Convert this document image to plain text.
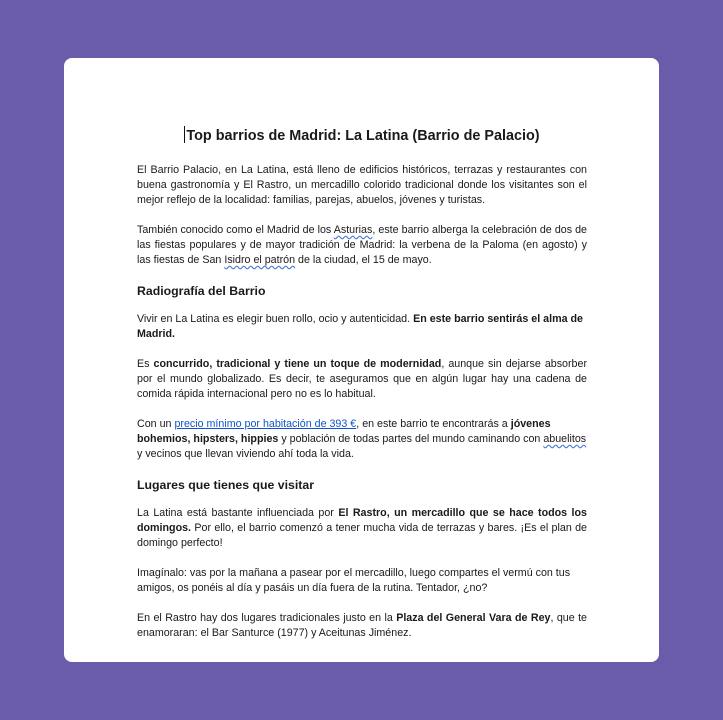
Top barrios de Madrid: La Latina (Barrio de Palacio)

El Barrio Palacio, en La Latina, está lleno de edificios históricos, terrazas y restaurantes con buena gastronomía y El Rastro, un mercadillo colorido tradicional donde los visitantes son el mejor reflejo de la localidad: familias, parejas, abuelos, jóvenes y turistas.

También conocido como el Madrid de los Asturias, este barrio alberga la celebración de dos de las fiestas populares y de mayor tradición de Madrid: la verbena de la Paloma (en agosto) y las fiestas de San Isidro el patrón de la ciudad, el 15 de mayo.

Radiografía del Barrio

Vivir en La Latina es elegir buen rollo, ocio y autenticidad. En este barrio sentirás el alma de Madrid.

Es concurrido, tradicional y tiene un toque de modernidad, aunque sin dejarse absorber por el mundo globalizado. Es decir, te aseguramos que en algún lugar hay una cadena de comida rápida internacional pero no es lo habitual.

Con un precio mínimo por habitación de 393 €, en este barrio te encontrarás a jóvenes bohemios, hipsters, hippies y población de todas partes del mundo caminando con abuelitos y vecinos que llevan viviendo ahí toda la vida.

Lugares que tienes que visitar

La Latina está bastante influenciada por El Rastro, un mercadillo que se hace todos los domingos. Por ello, el barrio comenzó a tener mucha vida de terrazas y bares. ¡Es el plan de domingo perfecto!

Imagínalo: vas por la mañana a pasear por el mercadillo, luego compartes el vermú con tus amigos, os ponéis al día y pasáis un día fuera de la rutina. Tentador, ¿no?

En el Rastro hay dos lugares tradicionales justo en la Plaza del General Vara de Rey, que te enamoraran: el Bar Santurce (1977) y Aceitunas Jiménez.
